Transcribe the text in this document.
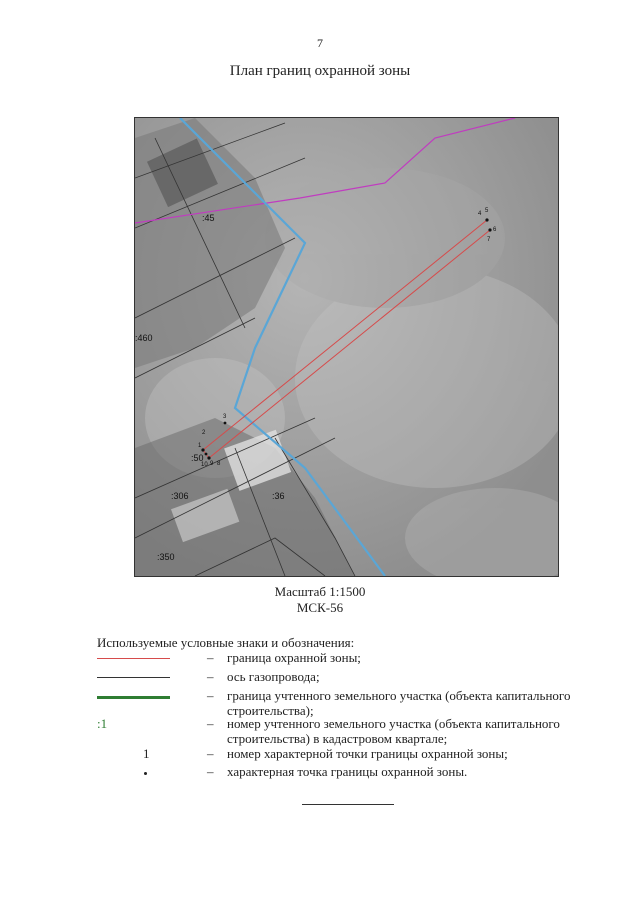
7
План границ охранной зоны
1
2
3
4 5
6
7
8
9
10
:45
:460
:50
:306	:36
:350
Масштаб 1:1500
МСК-56
Используемые условные знаки и обозначения:
– граница охранной зоны;
– ось газопровода;
– граница учтенного земельного участка (объекта капитального строительства);
:1	– номер учтенного земельного участка (объекта капитального строительства) в кадастровом квартале;
1	– номер характерной точки границы охранной зоны;
– характерная точка границы охранной зоны.
